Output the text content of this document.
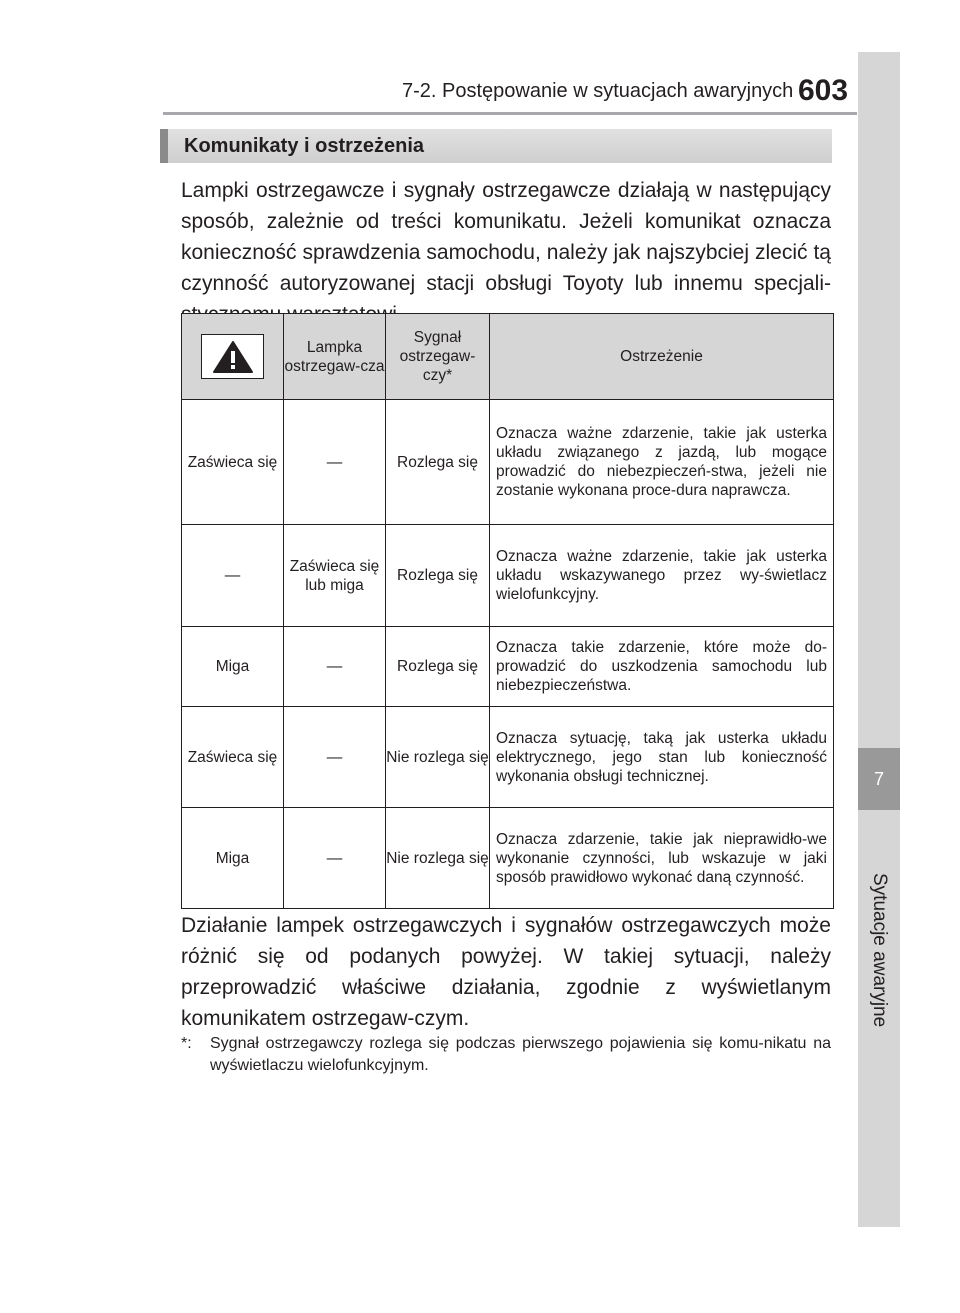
7-2. Postępowanie w sytuacjach awaryjnych 603
7
Sytuacje awaryjne
Komunikaty i ostrzeżenia
Lampki ostrzegawcze i sygnały ostrzegawcze działają w następujący sposób, zależnie od treści komunikatu. Jeżeli komunikat oznacza konieczność sprawdzenia samochodu, należy jak najszybciej zlecić tą czynność autoryzowanej stacji obsługi Toyoty lub innemu specjali-
	Lampka ostrzegaw-cza	Sygnał ostrzegaw-czy*	Ostrzeżenie
Zaświeca się	—	Rozlega się	Oznacza ważne zdarzenie, takie jak usterka układu związanego z jazdą, lub mogące prowadzić do niebezpieczeń-stwa, jeżeli nie zostanie wykonana proce-dura naprawcza.
—	Zaświeca się lub miga	Rozlega się	Oznacza ważne zdarzenie, takie jak usterka układu wskazywanego przez wy-świetlacz wielofunkcyjny.
Miga	—	Rozlega się	Oznacza takie zdarzenie, które może do-prowadzić do uszkodzenia samochodu lub niebezpieczeństwa.
Zaświeca się	—	Nie rozlega się	Oznacza sytuację, taką jak usterka układu elektrycznego, jego stan lub konieczność wykonania obsługi technicznej.
Miga	—	Nie rozlega się	Oznacza zdarzenie, takie jak nieprawidło-we wykonanie czynności, lub wskazuje w jaki sposób prawidłowo wykonać daną czynność.
Działanie lampek ostrzegawczych i sygnałów ostrzegawczych może różnić się od podanych powyżej. W takiej sytuacji, należy przeprowadzić właściwe działania, zgodnie z wyświetlanym komunikatem ostrzegaw-czym.
*:	Sygnał ostrzegawczy rozlega się podczas pierwszego pojawienia się komu-nikatu na wyświetlaczu wielofunkcyjnym.
